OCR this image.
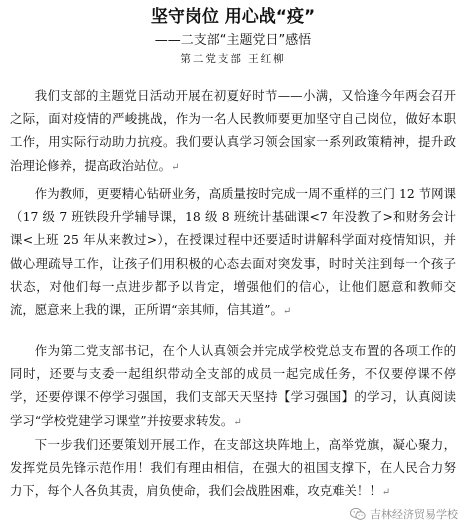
坚守岗位 用心战“疫”
——二支部“主题党日”感悟
第二党支部 王红柳

我们支部的主题党日活动开展在初夏好时节——小满，又恰逢今年两会召开之际，面对疫情的严峻挑战，作为一名人民教师要更加坚守自己岗位，做好本职工作，用实际行动助力抗疫。我们要认真学习领会国家一系列政策精神，提升政治理论修养，提高政治站位。↵

作为教师，更要精心钻研业务，高质量按时完成一周不重样的三门 12 节网课（17 级 7 班铁段升学辅导课，18 级 8 班统计基础课<7 年没教了>和财务会计课<上班 25 年从来教过>），在授课过程中还要适时讲解科学面对疫情知识，并做心理疏导工作，让孩子们用积极的心态去面对突发事，时时关注到每一个孩子状态，对他们每一点进步都予以肯定，增强他们的信心，让他们愿意和教师交流，愿意来上我的课，正所谓“亲其师，信其道”。↵

作为第二党支部书记，在个人认真领会并完成学校党总支布置的各项工作的同时，还要与支委一起组织带动全支部的成员一起完成任务，不仅要停课不停学，还要停课不停学习强国，我们支部天天坚持【学习强国】的学习，认真阅读学习“学校党建学习课堂”并按要求转发。↵

下一步我们还要策划开展工作，在支部这块阵地上，高举党旗，凝心聚力，发挥党员先锋示范作用！我们有理由相信，在强大的祖国支撑下，在人民合力努力下，每个人各负其责，肩负使命，我们会战胜困难，攻克难关！！↵

吉林经济贸易学校
